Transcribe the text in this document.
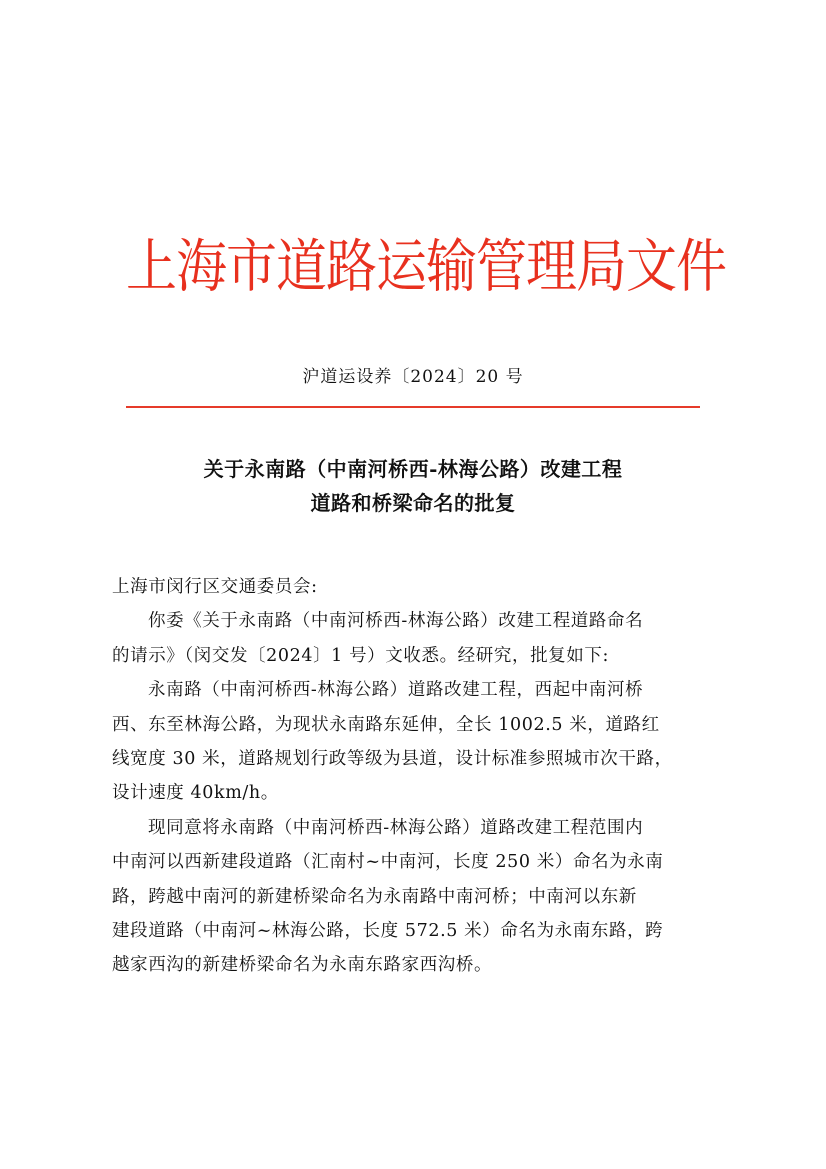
上海市道路运输管理局文件
沪道运设养〔2024〕20 号
关于永南路（中南河桥西-林海公路）改建工程
道路和桥梁命名的批复
上海市闵行区交通委员会:
你委《关于永南路（中南河桥西-林海公路）改建工程道路命名
的请示》（闵交发〔2024〕1 号）文收悉。经研究，批复如下:
永南路（中南河桥西-林海公路）道路改建工程，西起中南河桥
西、东至林海公路，为现状永南路东延伸，全长 1002.5 米，道路红
线宽度 30 米，道路规划行政等级为县道，设计标准参照城市次干路，
设计速度 40km/h。
现同意将永南路（中南河桥西-林海公路）道路改建工程范围内
中南河以西新建段道路（汇南村~中南河，长度 250 米）命名为永南
路，跨越中南河的新建桥梁命名为永南路中南河桥；中南河以东新
建段道路（中南河~林海公路，长度 572.5 米）命名为永南东路，跨
越家西沟的新建桥梁命名为永南东路家西沟桥。
